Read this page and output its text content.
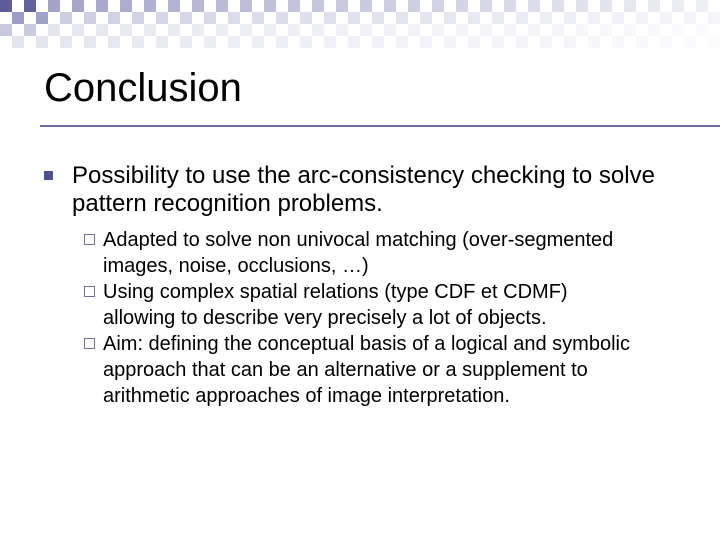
Conclusion
Possibility to use the arc-consistency checking to solve pattern recognition problems.
Adapted to solve non univocal matching (over-segmented images, noise, occlusions, …)
Using complex spatial relations (type CDF et CDMF) allowing to describe very precisely a lot of objects.
Aim: defining the conceptual basis of a logical and symbolic approach that can be an alternative or a supplement to arithmetic approaches of image interpretation.
